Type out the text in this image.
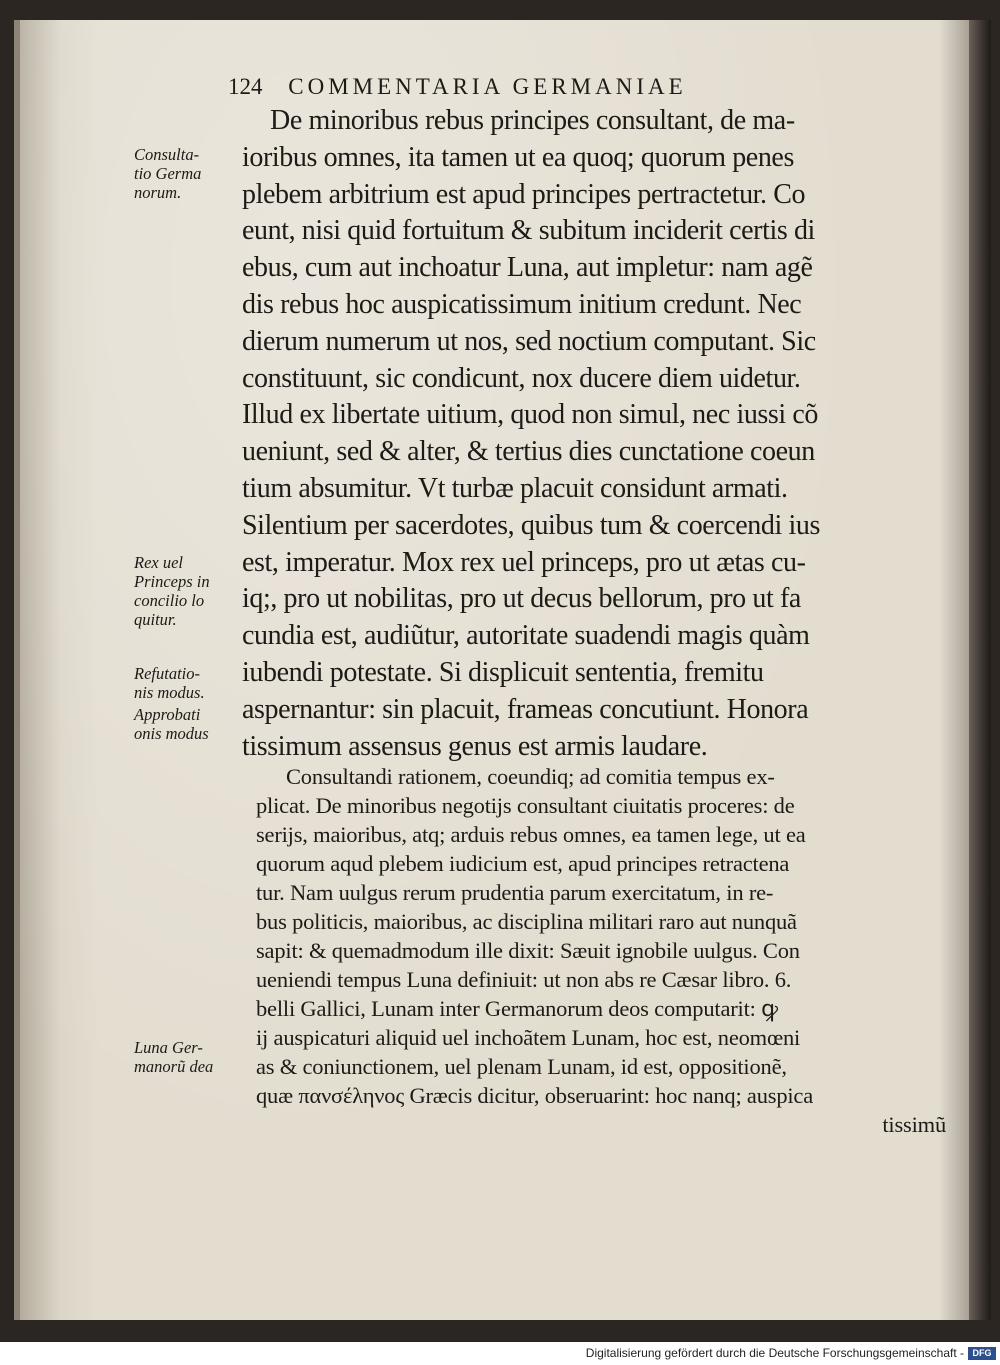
124 COMMENTARIA GERMANIAE
Consulta-
tio Germa
norum.
Rex uel
Princeps in
concilio lo
quitur.
Refutatio-
nis modus.
Approbati
onis modus
Luna Ger-
manorũ dea
De minoribus rebus principes consultant, de ma-
ioribus omnes, ita tamen ut ea quoq; quorum penes
plebem arbitrium est apud principes pertractetur. Co
eunt, nisi quid fortuitum & subitum inciderit certis di
ebus, cum aut inchoatur Luna, aut impletur: nam agẽ
dis rebus hoc auspicatissimum initium credunt. Nec
dierum numerum ut nos, sed noctium computant. Sic
constituunt, sic condicunt, nox ducere diem uidetur.
Illud ex libertate uitium, quod non simul, nec iussi cõ
ueniunt, sed & alter, & tertius dies cunctatione coeun
tium absumitur. Vt turbæ placuit considunt armati.
Silentium per sacerdotes, quibus tum & coercendi ius
est, imperatur. Mox rex uel princeps, pro ut ætas cu-
iq;, pro ut nobilitas, pro ut decus bellorum, pro ut fa
cundia est, audiũtur, autoritate suadendi magis quàm
iubendi potestate. Si displicuit sententia, fremitu
aspernantur: sin placuit, frameas concutiunt. Honora
tissimum assensus genus est armis laudare.
Consultandi rationem, coeundiq; ad comitia tempus ex-
plicat. De minoribus negotijs consultant ciuitatis proceres: de
serijs, maioribus, atq; arduis rebus omnes, ea tamen lege, ut ea
quorum aqud plebem iudicium est, apud principes retractena
tur. Nam uulgus rerum prudentia parum exercitatum, in re-
bus politicis, maioribus, ac disciplina militari raro aut nunquã
sapit: & quemadmodum ille dixit: Sæuit ignobile uulgus. Con
ueniendi tempus Luna definiuit: ut non abs re Cæsar libro. 6.
belli Gallici, Lunam inter Germanorum deos computarit: ꝙ
ij auspicaturi aliquid uel inchoãtem Lunam, hoc est, neomœni
as & coniunctionem, uel plenam Lunam, id est, oppositionẽ,
quæ πανσέληνος Græcis dicitur, obseruarint: hoc nanq; auspica
tissimũ
Digitalisierung gefördert durch die Deutsche Forschungsgemeinschaft - DFG
